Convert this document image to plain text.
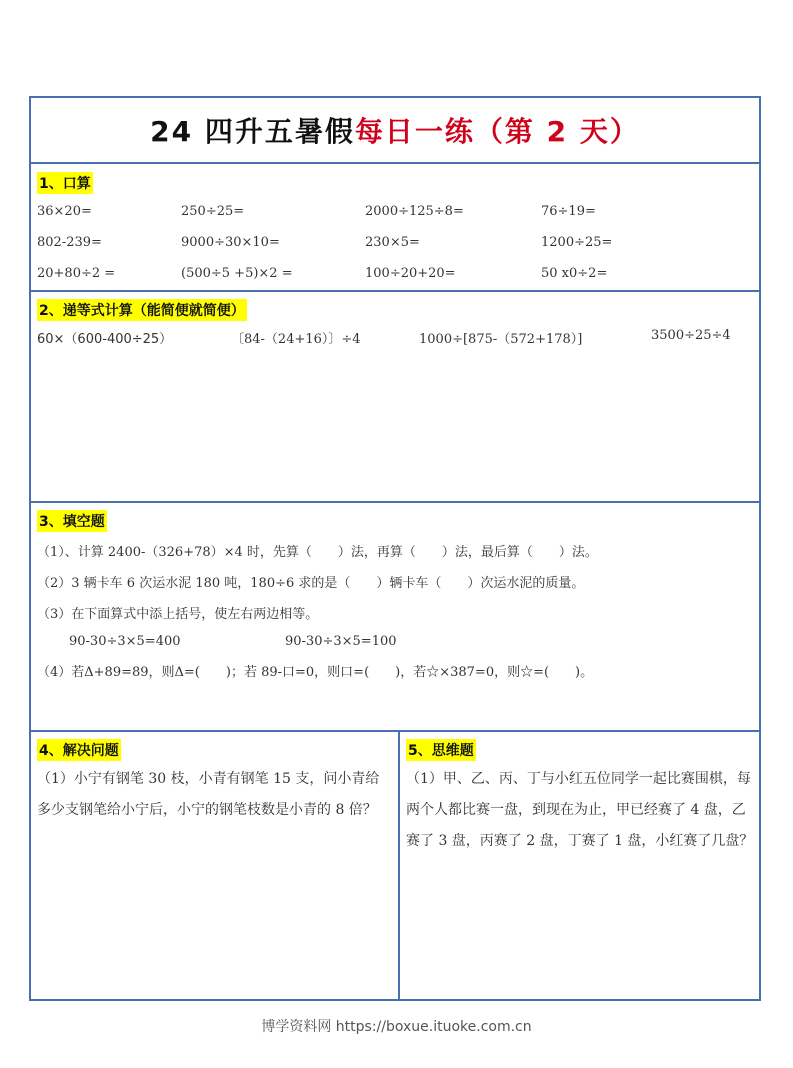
24 四升五暑假每日一练（第 2 天）
1、口算
36×20=	250÷25=	2000÷125÷8=	76÷19=
802-239=	9000÷30×10=	230×5=	1200÷25=
20+80÷2 =	(500÷5 +5)×2 =	100÷20+20=	50 x0÷2=
2、递等式计算（能简便就简便）
60×（600-400÷25）	〔84-（24+16）〕÷4	1000÷[875-（572+178）]	3500÷25÷4
3、填空题
（1）、计算 2400-（326+78）×4 时，先算（　　）法，再算（　　）法，最后算（　　）法。
（2）3 辆卡车 6 次运水泥 180 吨，180÷6 求的是（　　）辆卡车（　　）次运水泥的质量。
（3）在下面算式中添上括号，使左右两边相等。
90-30÷3×5=400	90-30÷3×5=100
（4）若Δ+89=89，则Δ=(　　)；若 89-口=0，则口=(　　)，若☆×387=0，则☆=(　　)。
4、解决问题
（1）小宁有钢笔 30 枝，小青有钢笔 15 支，问小青给多少支钢笔给小宁后，小宁的钢笔枝数是小青的 8 倍？
5、思维题
（1）甲、乙、丙、丁与小红五位同学一起比赛围棋，每两个人都比赛一盘，到现在为止，甲已经赛了 4 盘，乙赛了 3 盘，丙赛了 2 盘，丁赛了 1 盘，小红赛了几盘？
博学资料网 https://boxue.ituoke.com.cn
